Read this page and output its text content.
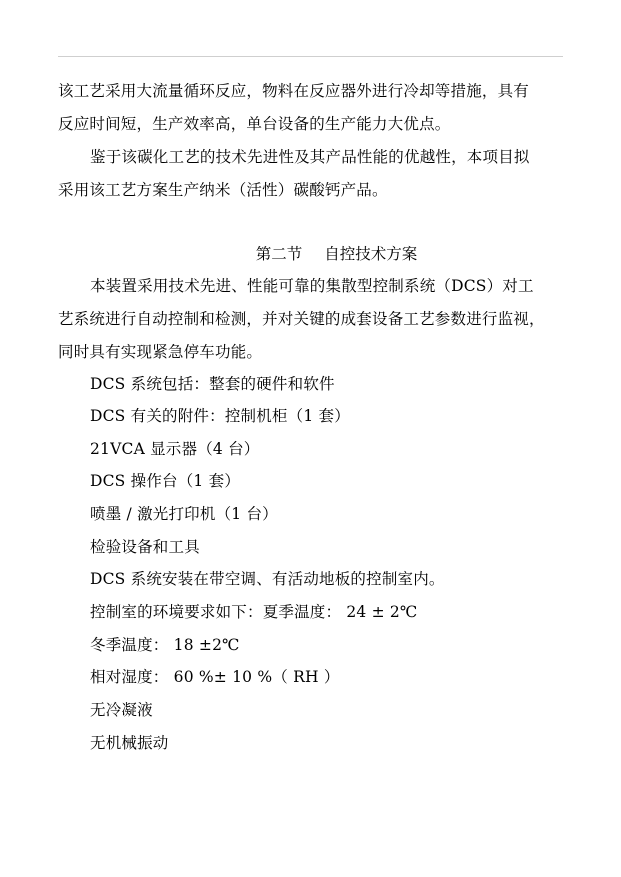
该工艺采用大流量循环反应，物料在反应器外进行冷却等措施，具有
反应时间短，生产效率高，单台设备的生产能力大优点。
鉴于该碳化工艺的技术先进性及其产品性能的优越性，本项目拟
采用该工艺方案生产纳米（活性）碳酸钙产品。
第二节 自控技术方案
本装置采用技术先进、性能可靠的集散型控制系统（DCS）对工
艺系统进行自动控制和检测，并对关键的成套设备工艺参数进行监视，
同时具有实现紧急停车功能。
DCS 系统包括：整套的硬件和软件
DCS 有关的附件：控制机柜（1 套）
21VCA 显示器（4 台）
DCS 操作台（1 套）
喷墨 / 激光打印机（1 台）
检验设备和工具
DCS 系统安装在带空调、有活动地板的控制室内。
控制室的环境要求如下：夏季温度： 24 ± 2℃
冬季温度： 18 ±2℃
相对湿度： 60 %± 10 %（ RH ）
无冷凝液
无机械振动
